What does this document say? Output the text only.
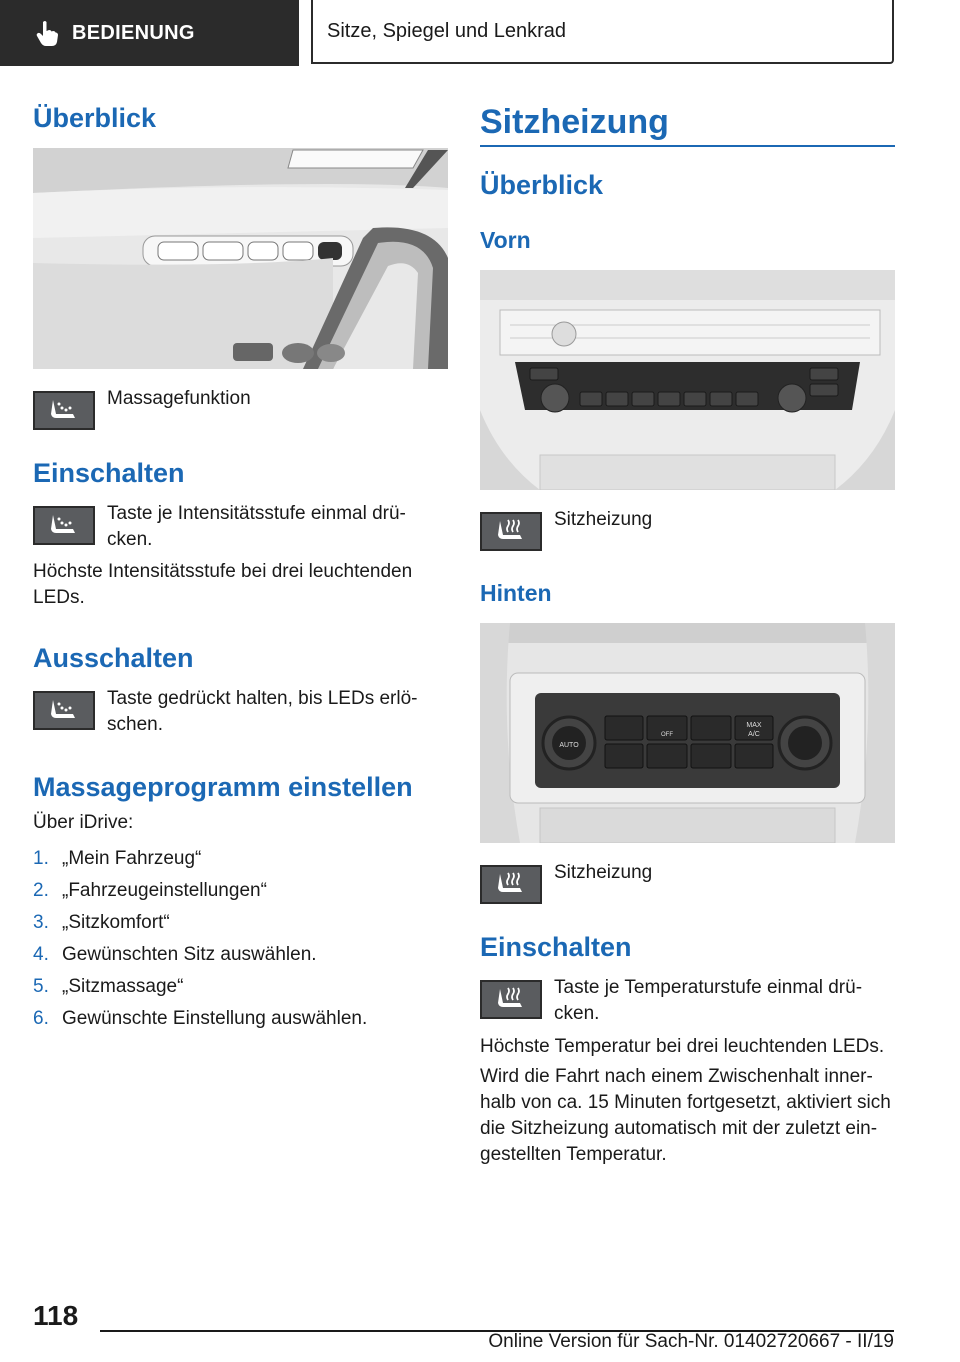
BEDIENUNG	Sitze, Spiegel und Lenkrad
Überblick
Massagefunktion
Einschalten
Taste je Intensitätsstufe einmal drü-
cken.
Höchste Intensitätsstufe bei drei leuchtenden LEDs.
Ausschalten
Taste gedrückt halten, bis LEDs erlö-
schen.
Massageprogramm einstellen
Über iDrive:
1. „Mein Fahrzeug“
2. „Fahrzeugeinstellungen“
3. „Sitzkomfort“
4. Gewünschten Sitz auswählen.
5. „Sitzmassage“
6. Gewünschte Einstellung auswählen.
Sitzheizung
Überblick
Vorn
Sitzheizung
Hinten
AUTO
OFF
MAX
A/C
Sitzheizung
Einschalten
Taste je Temperaturstufe einmal drü-
cken.
Höchste Temperatur bei drei leuchtenden LEDs.
Wird die Fahrt nach einem Zwischenhalt inner-
halb von ca. 15 Minuten fortgesetzt, aktiviert sich
die Sitzheizung automatisch mit der zuletzt ein-
gestellten Temperatur.
118
Online Version für Sach-Nr. 01402720667 - II/19
